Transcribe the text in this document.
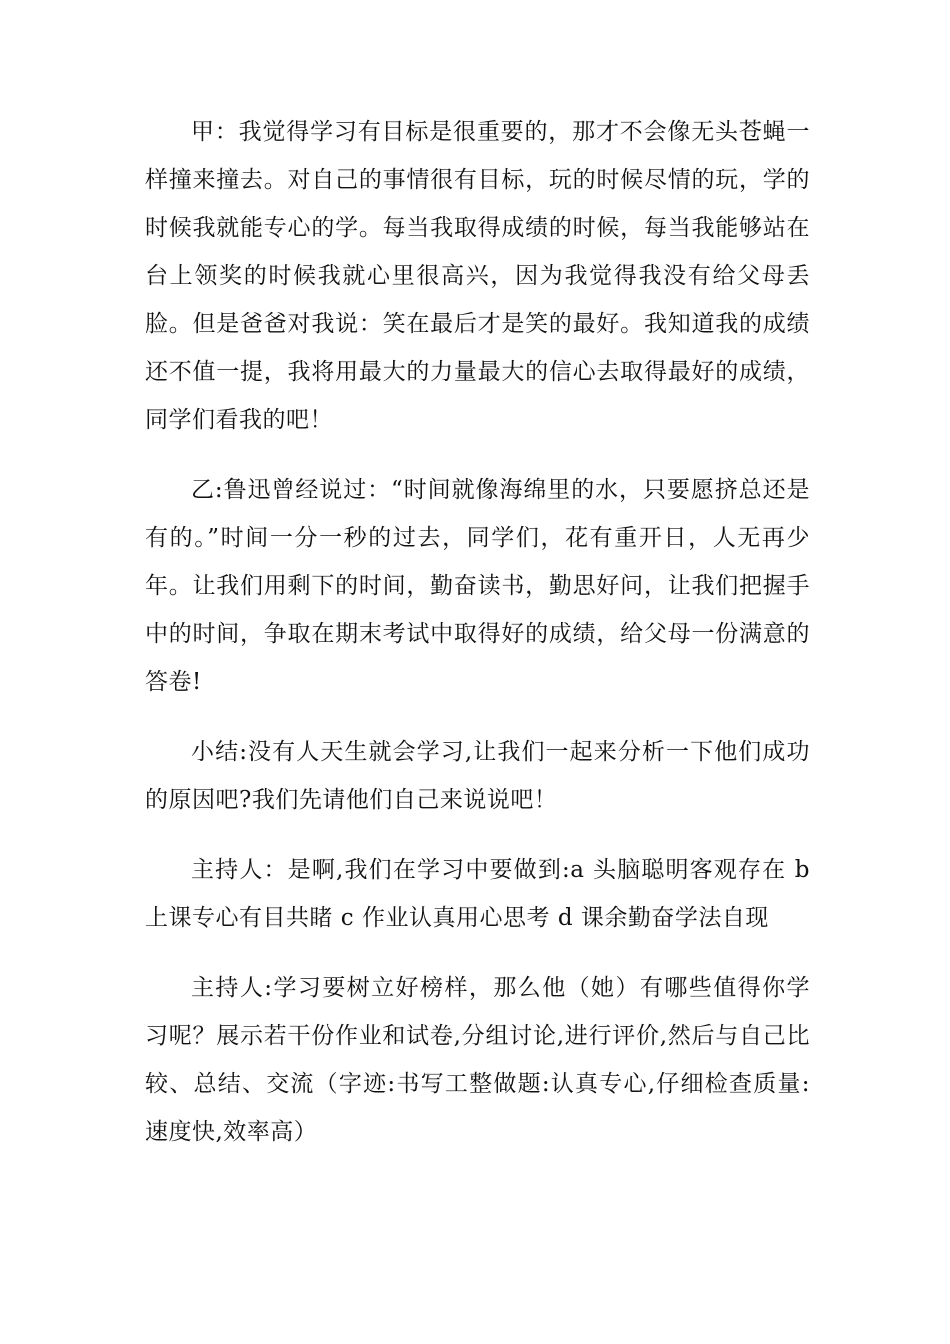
甲：我觉得学习有目标是很重要的，那才不会像无头苍蝇一样撞来撞去。对自己的事情很有目标，玩的时候尽情的玩，学的时候我就能专心的学。每当我取得成绩的时候，每当我能够站在台上领奖的时候我就心里很高兴，因为我觉得我没有给父母丢脸。但是爸爸对我说：笑在最后才是笑的最好。我知道我的成绩还不值一提，我将用最大的力量最大的信心去取得最好的成绩，同学们看我的吧！

乙:鲁迅曾经说过：“时间就像海绵里的水，只要愿挤总还是有的。”时间一分一秒的过去，同学们，花有重开日，人无再少年。让我们用剩下的时间，勤奋读书，勤思好问，让我们把握手中的时间，争取在期末考试中取得好的成绩，给父母一份满意的答卷!

小结:没有人天生就会学习,让我们一起来分析一下他们成功的原因吧?我们先请他们自己来说说吧！

主持人：是啊,我们在学习中要做到:a 头脑聪明客观存在 b 上课专心有目共睹 c 作业认真用心思考 d 课余勤奋学法自现

主持人:学习要树立好榜样，那么他（她）有哪些值得你学习呢？展示若干份作业和试卷,分组讨论,进行评价,然后与自己比较、总结、交流（字迹:书写工整做题:认真专心,仔细检查质量:速度快,效率高）
